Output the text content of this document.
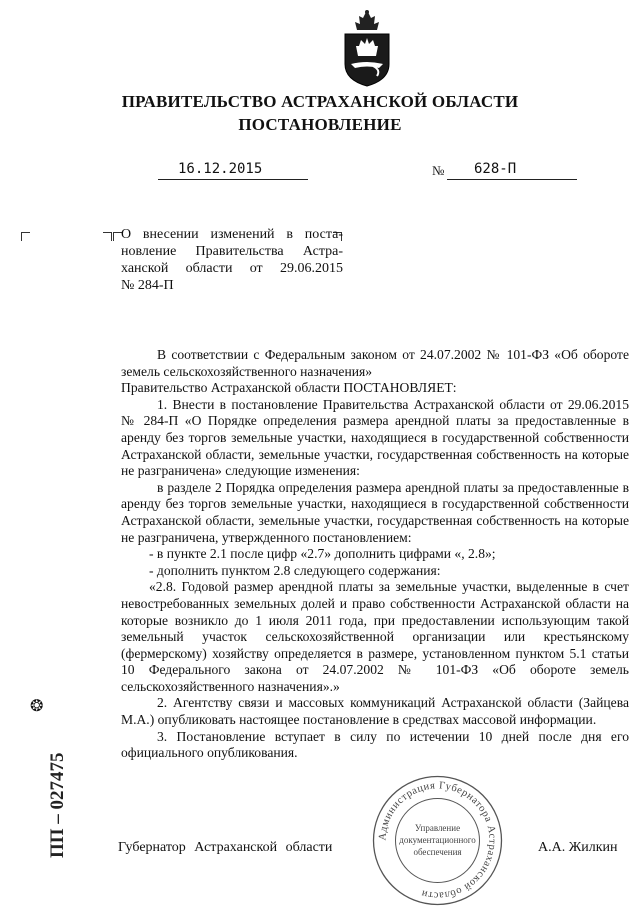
ПРАВИТЕЛЬСТВО АСТРАХАНСКОЙ ОБЛАСТИ
ПОСТАНОВЛЕНИЕ
16.12.2015	№ 628-П
О внесении изменений в поста-
новление Правительства Астра-
ханской области от 29.06.2015
№ 284-П

В соответствии с Федеральным законом от 24.07.2002 № 101-ФЗ «Об обороте земель сельскохозяйственного назначения»

Правительство Астраханской области ПОСТАНОВЛЯЕТ:

1. Внести в постановление Правительства Астраханской области от 29.06.2015 № 284-П «О Порядке определения размера арендной платы за предоставленные в аренду без торгов земельные участки, находящиеся в государственной собственности Астраханской области, земельные участки, государственная собственность на которые не разграничена» следующие изменения:

в разделе 2 Порядка определения размера арендной платы за предоставленные в аренду без торгов земельные участки, находящиеся в государственной собственности Астраханской области, земельные участки, государственная собственность на которые не разграничена, утвержденного постановлением:

- в пункте 2.1 после цифр «2.7» дополнить цифрами «, 2.8»;

- дополнить пунктом 2.8 следующего содержания:

«2.8. Годовой размер арендной платы за земельные участки, выделенные в счет невостребованных земельных долей и право собственности Астраханской области на которые возникло до 1 июля 2011 года, при предоставлении использующим такой земельный участок сельскохозяйственной организации или крестьянскому (фермерскому) хозяйству определяется в размере, установленном пунктом 5.1 статьи 10 Федерального закона от 24.07.2002 № 101-ФЗ «Об обороте земель сельскохозяйственного назначения».»

2. Агентству связи и массовых коммуникаций Астраханской области (Зайцева М.А.) опубликовать настоящее постановление в средствах массовой информации.

3. Постановление вступает в силу по истечении 10 дней после дня его официального опубликования.

Администрация Губернатора Астраханской области
Управление
документационного
обеспечения
ПП – 027475
❂
Губернатор Астраханской области	А.А. Жилкин
